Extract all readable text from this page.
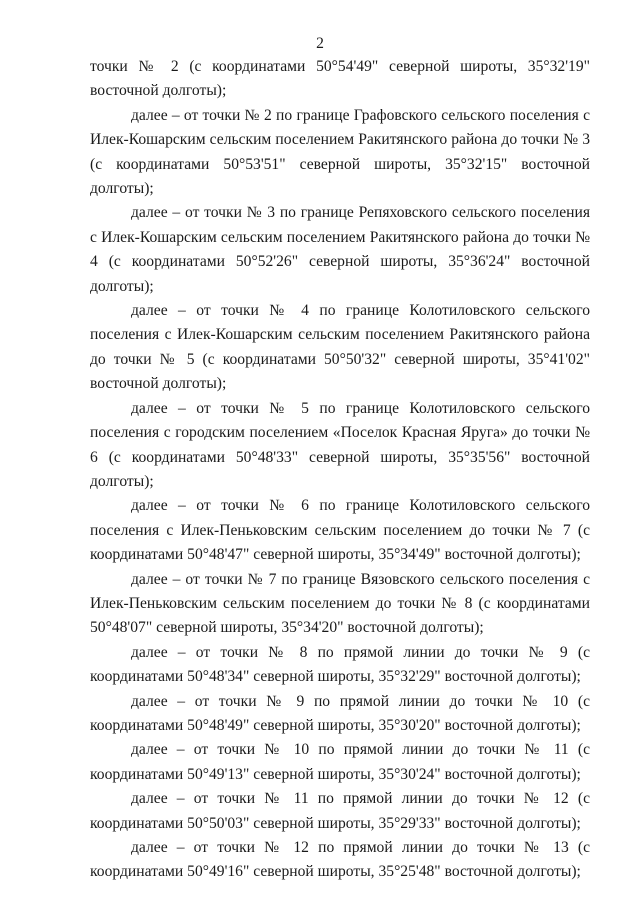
2

точки № 2 (с координатами 50°54'49" северной широты, 35°32'19" восточной долготы);

далее – от точки № 2 по границе Графовского сельского поселения с Илек-Кошарским сельским поселением Ракитянского района до точки № 3 (с координатами 50°53'51" северной широты, 35°32'15" восточной долготы);

далее – от точки № 3 по границе Репяховского сельского поселения с Илек-Кошарским сельским поселением Ракитянского района до точки № 4 (с координатами 50°52'26" северной широты, 35°36'24" восточной долготы);

далее – от точки № 4 по границе Колотиловского сельского поселения с Илек-Кошарским сельским поселением Ракитянского района до точки № 5 (с координатами 50°50'32" северной широты, 35°41'02" восточной долготы);

далее – от точки № 5 по границе Колотиловского сельского поселения с городским поселением «Поселок Красная Яруга» до точки № 6 (с координатами 50°48'33" северной широты, 35°35'56" восточной долготы);

далее – от точки № 6 по границе Колотиловского сельского поселения с Илек-Пеньковским сельским поселением до точки № 7 (с координатами 50°48'47" северной широты, 35°34'49" восточной долготы);

далее – от точки № 7 по границе Вязовского сельского поселения с Илек-Пеньковским сельским поселением до точки № 8 (с координатами 50°48'07" северной широты, 35°34'20" восточной долготы);

далее – от точки № 8 по прямой линии до точки № 9 (с координатами 50°48'34" северной широты, 35°32'29" восточной долготы);

далее – от точки № 9 по прямой линии до точки № 10 (с координатами 50°48'49" северной широты, 35°30'20" восточной долготы);

далее – от точки № 10 по прямой линии до точки № 11 (с координатами 50°49'13" северной широты, 35°30'24" восточной долготы);

далее – от точки № 11 по прямой линии до точки № 12 (с координатами 50°50'03" северной широты, 35°29'33" восточной долготы);

далее – от точки № 12 по прямой линии до точки № 13 (с координатами 50°49'16" северной широты, 35°25'48" восточной долготы);
